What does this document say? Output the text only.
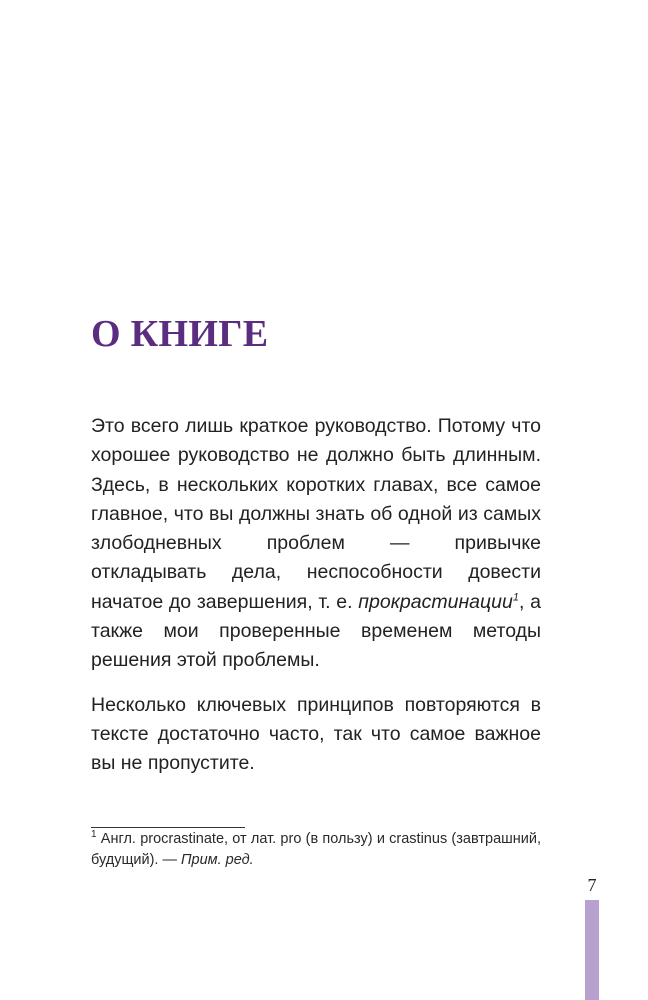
О КНИГЕ

Это всего лишь краткое руководство. Потому что хорошее руководство не должно быть длинным. Здесь, в нескольких коротких главах, все самое главное, что вы должны знать об одной из самых злободневных проблем — привычке откладывать дела, неспособности довести начатое до завершения, т. е. прокрастинации$^1$, а также мои проверенные временем методы решения этой проблемы.

Несколько ключевых принципов повторяются в тексте достаточно часто, так что самое важное вы не пропустите.

$^1$ Англ. procrastinate, от лат. pro (в пользу) и crastinus (завтрашний, будущий). — Прим. ред.

7
